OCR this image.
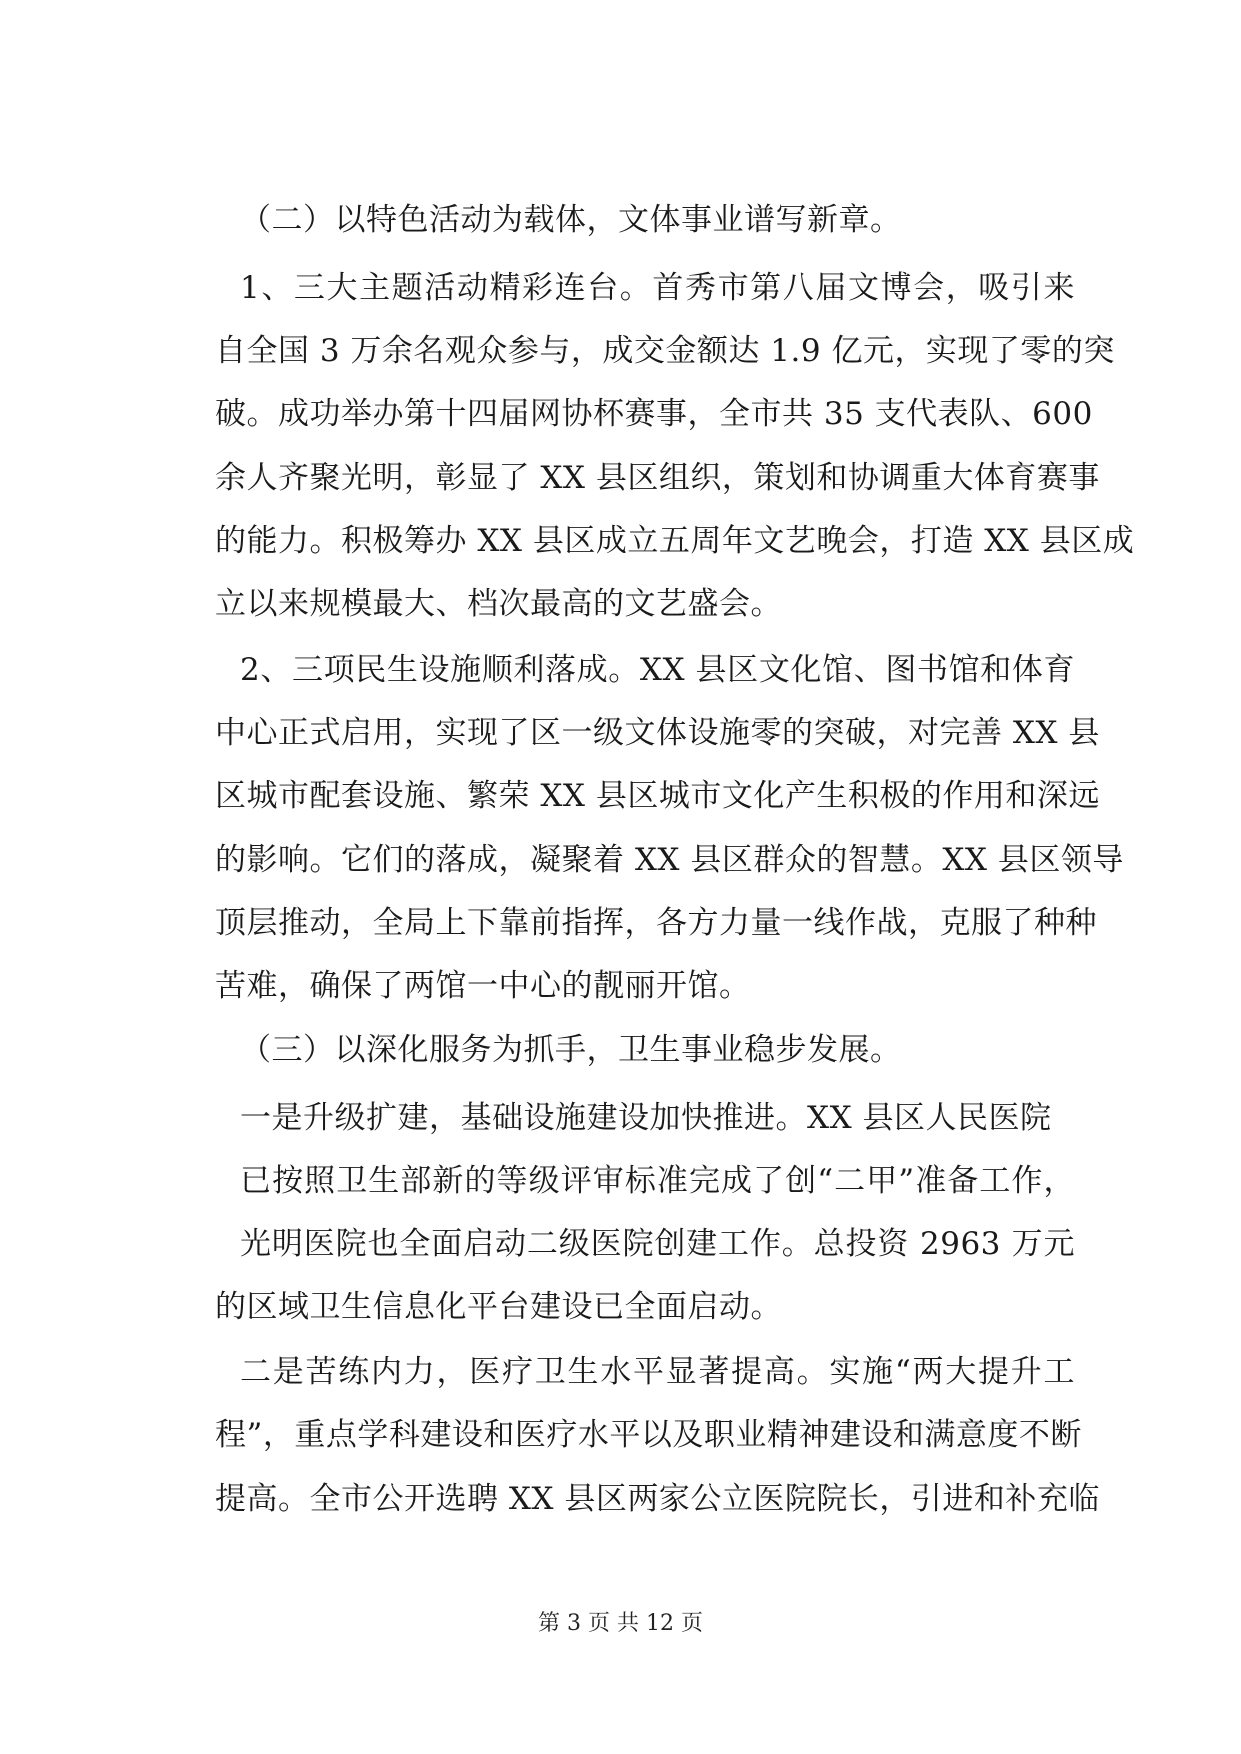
（二）以特色活动为载体，文体事业谱写新章。
1、三大主题活动精彩连台。首秀市第八届文博会，吸引来
自全国 3 万余名观众参与，成交金额达 1.9 亿元，实现了零的突
破。成功举办第十四届网协杯赛事，全市共 35 支代表队、600
余人齐聚光明，彰显了 XX 县区组织，策划和协调重大体育赛事
的能力。积极筹办 XX 县区成立五周年文艺晚会，打造 XX 县区成
立以来规模最大、档次最高的文艺盛会。
2、三项民生设施顺利落成。XX 县区文化馆、图书馆和体育
中心正式启用，实现了区一级文体设施零的突破，对完善 XX 县
区城市配套设施、繁荣 XX 县区城市文化产生积极的作用和深远
的影响。它们的落成，凝聚着 XX 县区群众的智慧。XX 县区领导
顶层推动，全局上下靠前指挥，各方力量一线作战，克服了种种
苦难，确保了两馆一中心的靓丽开馆。
（三）以深化服务为抓手，卫生事业稳步发展。
一是升级扩建，基础设施建设加快推进。XX 县区人民医院
已按照卫生部新的等级评审标准完成了创“二甲”准备工作，
光明医院也全面启动二级医院创建工作。总投资 2963 万元
的区域卫生信息化平台建设已全面启动。
二是苦练内力，医疗卫生水平显著提高。实施“两大提升工
程”，重点学科建设和医疗水平以及职业精神建设和满意度不断
提高。全市公开选聘 XX 县区两家公立医院院长，引进和补充临
第 3 页 共 12 页
